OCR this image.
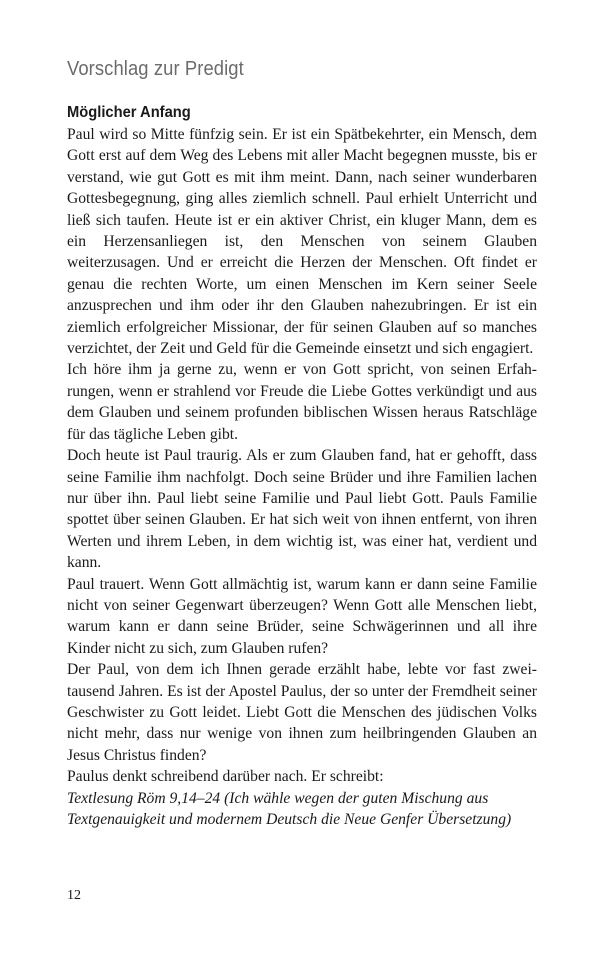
Vorschlag zur Predigt
Möglicher Anfang

Paul wird so Mitte fünfzig sein. Er ist ein Spätbekehrter, ein Mensch, dem Gott erst auf dem Weg des Lebens mit aller Macht begegnen musste, bis er verstand, wie gut Gott es mit ihm meint. Dann, nach seiner wunderbaren Gottesbegegnung, ging alles ziemlich schnell. Paul erhielt Unterricht und ließ sich taufen. Heute ist er ein aktiver Christ, ein kluger Mann, dem es ein Herzensanliegen ist, den Menschen von seinem Glauben weiterzusagen. Und er erreicht die Herzen der Menschen. Oft findet er genau die rechten Worte, um einen Menschen im Kern seiner Seele anzusprechen und ihm oder ihr den Glauben nahezubringen. Er ist ein ziemlich erfolgreicher Missionar, der für seinen Glauben auf so manches verzichtet, der Zeit und Geld für die Gemeinde einsetzt und sich engagiert.

Ich höre ihm ja gerne zu, wenn er von Gott spricht, von seinen Erfahrungen, wenn er strahlend vor Freude die Liebe Gottes verkündigt und aus dem Glauben und seinem profunden biblischen Wissen heraus Ratschläge für das tägliche Leben gibt.

Doch heute ist Paul traurig. Als er zum Glauben fand, hat er gehofft, dass seine Familie ihm nachfolgt. Doch seine Brüder und ihre Familien lachen nur über ihn. Paul liebt seine Familie und Paul liebt Gott. Pauls Familie spottet über seinen Glauben. Er hat sich weit von ihnen entfernt, von ihren Werten und ihrem Leben, in dem wichtig ist, was einer hat, verdient und kann.

Paul trauert. Wenn Gott allmächtig ist, warum kann er dann seine Familie nicht von seiner Gegenwart überzeugen? Wenn Gott alle Menschen liebt, warum kann er dann seine Brüder, seine Schwägerinnen und all ihre Kinder nicht zu sich, zum Glauben rufen?

Der Paul, von dem ich Ihnen gerade erzählt habe, lebte vor fast zweitausend Jahren. Es ist der Apostel Paulus, der so unter der Fremdheit seiner Geschwister zu Gott leidet. Liebt Gott die Menschen des jüdischen Volks nicht mehr, dass nur wenige von ihnen zum heilbringenden Glauben an Jesus Christus finden?

Paulus denkt schreibend darüber nach. Er schreibt:

Textlesung Röm 9,14–24 (Ich wähle wegen der guten Mischung aus Textgenauigkeit und modernem Deutsch die Neue Genfer Übersetzung)

12
